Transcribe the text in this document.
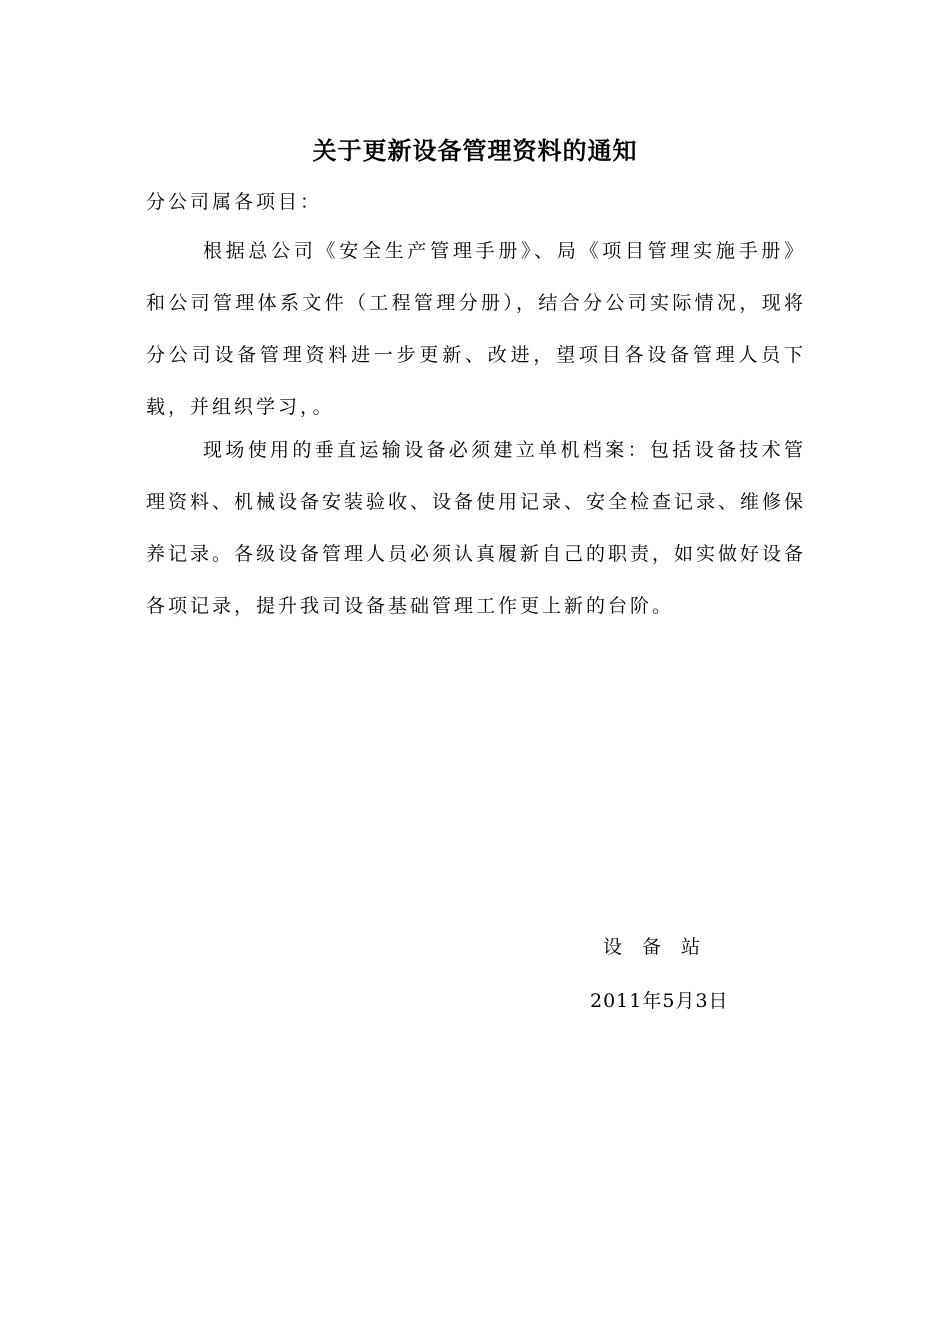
关于更新设备管理资料的通知
分公司属各项目：
根据总公司《安全生产管理手册》、局《项目管理实施手册》和公司管理体系文件（工程管理分册），结合分公司实际情况，现将分公司设备管理资料进一步更新、改进，望项目各设备管理人员下载，并组织学习，。
现场使用的垂直运输设备必须建立单机档案：包括设备技术管理资料、机械设备安装验收、设备使用记录、安全检查记录、维修保养记录。各级设备管理人员必须认真履新自己的职责，如实做好设备各项记录，提升我司设备基础管理工作更上新的台阶。
设备站
2011年5月3日
